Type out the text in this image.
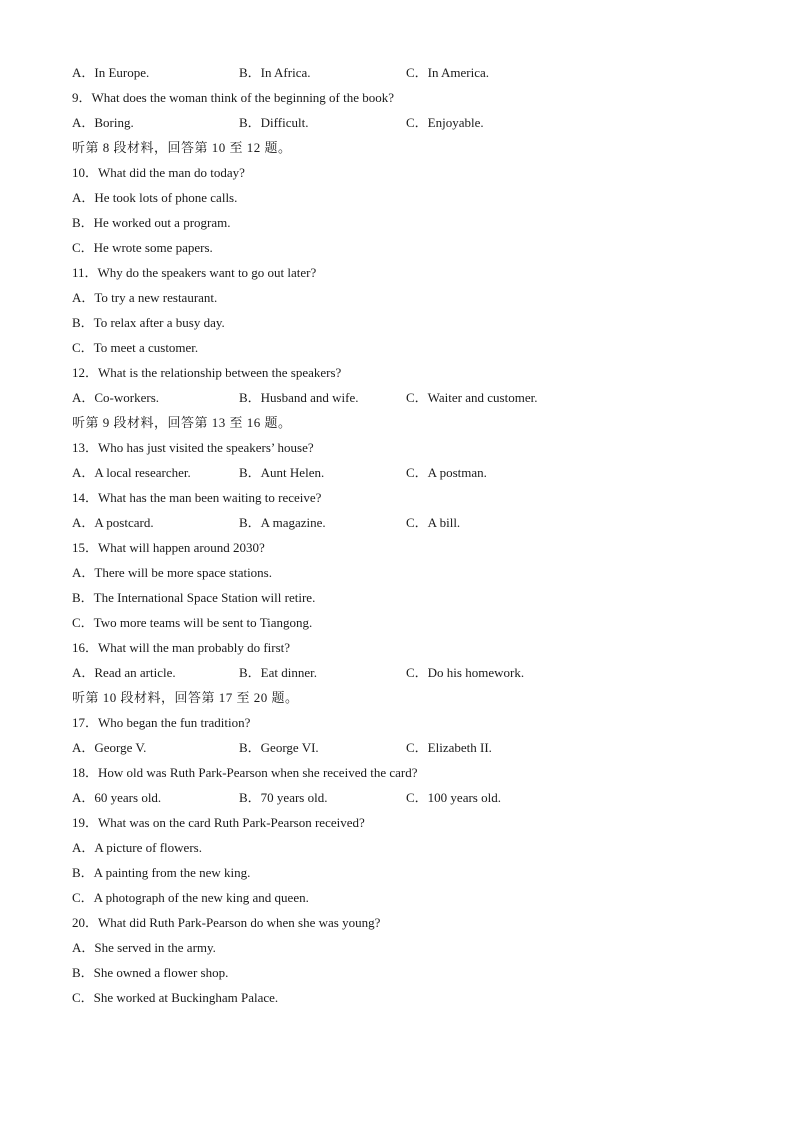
A．In Europe.	B．In Africa.	C．In America.
9．What does the woman think of the beginning of the book?
A．Boring.	B．Difficult.	C．Enjoyable.
听第 8 段材料，回答第 10 至 12 题。
10．What did the man do today?
A．He took lots of phone calls.
B．He worked out a program.
C．He wrote some papers.
11．Why do the speakers want to go out later?
A．To try a new restaurant.
B．To relax after a busy day.
C．To meet a customer.
12．What is the relationship between the speakers?
A．Co-workers.	B．Husband and wife.	C．Waiter and customer.
听第 9 段材料，回答第 13 至 16 题。
13．Who has just visited the speakers’ house?
A．A local researcher.	B．Aunt Helen.	C．A postman.
14．What has the man been waiting to receive?
A．A postcard.	B．A magazine.	C．A bill.
15．What will happen around 2030?
A．There will be more space stations.
B．The International Space Station will retire.
C．Two more teams will be sent to Tiangong.
16．What will the man probably do first?
A．Read an article.	B．Eat dinner.	C．Do his homework.
听第 10 段材料，回答第 17 至 20 题。
17．Who began the fun tradition?
A．George V.	B．George VI.	C．Elizabeth II.
18．How old was Ruth Park-Pearson when she received the card?
A．60 years old.	B．70 years old.	C．100 years old.
19．What was on the card Ruth Park-Pearson received?
A．A picture of flowers.
B．A painting from the new king.
C．A photograph of the new king and queen.
20．What did Ruth Park-Pearson do when she was young?
A．She served in the army.
B．She owned a flower shop.
C．She worked at Buckingham Palace.
